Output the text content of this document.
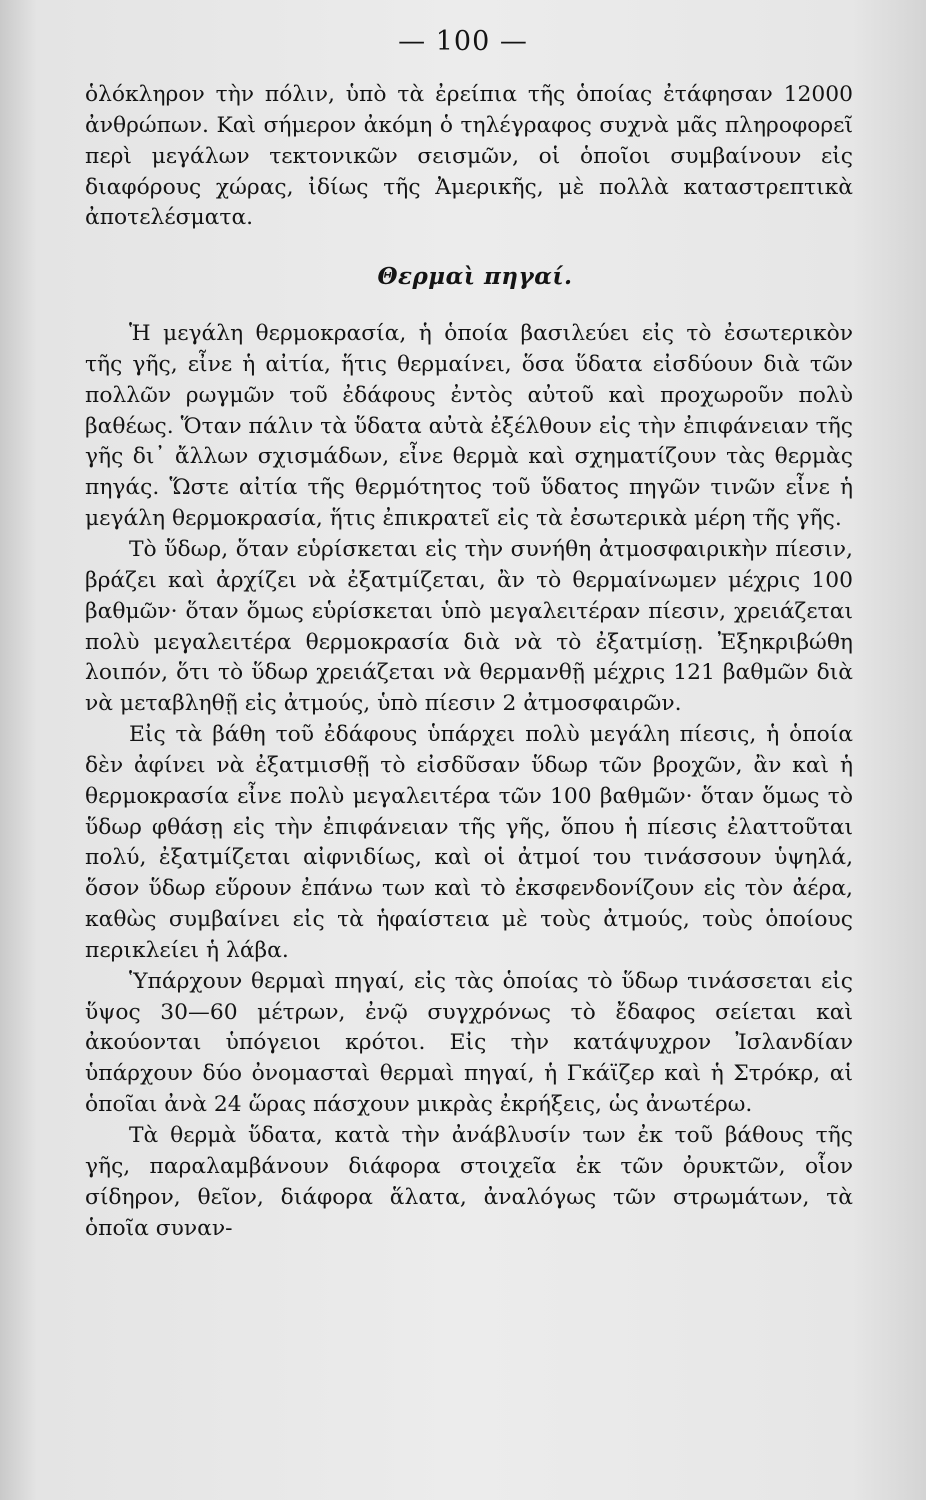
— 100 —

ὁλόκληρον τὴν πόλιν, ὑπὸ τὰ ἐρείπια τῆς ὁποίας ἐτάφησαν 12000 ἀνθρώπων. Καὶ σήμερον ἀκόμη ὁ τηλέγραφος συχνὰ μᾶς πληροφορεῖ περὶ μεγάλων τεκτονικῶν σεισμῶν, οἱ ὁποῖοι συμβαίνουν εἰς διαφόρους χώρας, ἰδίως τῆς Ἀμερικῆς, μὲ πολλὰ καταστρεπτικὰ ἀποτελέσματα.

Θερμαὶ πηγαί.

Ἡ μεγάλη θερμοκρασία, ἡ ὁποία βασιλεύει εἰς τὸ ἐσωτερικὸν τῆς γῆς, εἶνε ἡ αἰτία, ἥτις θερμαίνει, ὅσα ὕδατα εἰσδύουν διὰ τῶν πολλῶν ρωγμῶν τοῦ ἐδάφους ἐντὸς αὐτοῦ καὶ προχωροῦν πολὺ βαθέως. Ὅταν πάλιν τὰ ὕδατα αὐτὰ ἐξέλθουν εἰς τὴν ἐπιφάνειαν τῆς γῆς δι᾽ ἄλλων σχισμάδων, εἶνε θερμὰ καὶ σχηματίζουν τὰς θερμὰς πηγάς. Ὥστε αἰτία τῆς θερμότητος τοῦ ὕδατος πηγῶν τινῶν εἶνε ἡ μεγάλη θερμοκρασία, ἥτις ἐπικρατεῖ εἰς τὰ ἐσωτερικὰ μέρη τῆς γῆς.

Τὸ ὕδωρ, ὅταν εὑρίσκεται εἰς τὴν συνήθη ἀτμοσφαιρικὴν πίεσιν, βράζει καὶ ἀρχίζει νὰ ἐξατμίζεται, ἂν τὸ θερμαίνωμεν μέχρις 100 βαθμῶν· ὅταν ὅμως εὑρίσκεται ὑπὸ μεγαλειτέραν πίεσιν, χρειάζεται πολὺ μεγαλειτέρα θερμοκρασία διὰ νὰ τὸ ἐξατμίσῃ. Ἐξηκριβώθη λοιπόν, ὅτι τὸ ὕδωρ χρειάζεται νὰ θερμανθῇ μέχρις 121 βαθμῶν διὰ νὰ μεταβληθῇ εἰς ἀτμούς, ὑπὸ πίεσιν 2 ἀτμοσφαιρῶν.

Εἰς τὰ βάθη τοῦ ἐδάφους ὑπάρχει πολὺ μεγάλη πίεσις, ἡ ὁποία δὲν ἀφίνει νὰ ἐξατμισθῇ τὸ εἰσδῦσαν ὕδωρ τῶν βροχῶν, ἂν καὶ ἡ θερμοκρασία εἶνε πολὺ μεγαλειτέρα τῶν 100 βαθμῶν· ὅταν ὅμως τὸ ὕδωρ φθάσῃ εἰς τὴν ἐπιφάνειαν τῆς γῆς, ὅπου ἡ πίεσις ἐλαττοῦται πολύ, ἐξατμίζεται αἰφνιδίως, καὶ οἱ ἀτμοί του τινάσσουν ὑψηλά, ὅσον ὕδωρ εὕρουν ἐπάνω των καὶ τὸ ἐκσφενδονίζουν εἰς τὸν ἀέρα, καθὼς συμβαίνει εἰς τὰ ἡφαίστεια μὲ τοὺς ἀτμούς, τοὺς ὁποίους περικλείει ἡ λάβα.

Ὑπάρχουν θερμαὶ πηγαί, εἰς τὰς ὁποίας τὸ ὕδωρ τινάσσεται εἰς ὕψος 30—60 μέτρων, ἐνῷ συγχρόνως τὸ ἔδαφος σείεται καὶ ἀκούονται ὑπόγειοι κρότοι. Εἰς τὴν κατάψυχρον Ἰσλανδίαν ὑπάρχουν δύο ὀνομασταὶ θερμαὶ πηγαί, ἡ Γκάϊζερ καὶ ἡ Στρόκρ, αἱ ὁποῖαι ἀνὰ 24 ὥρας πάσχουν μικρὰς ἐκρήξεις, ὡς ἀνωτέρω.

Τὰ θερμὰ ὕδατα, κατὰ τὴν ἀνάβλυσίν των ἐκ τοῦ βάθους τῆς γῆς, παραλαμβάνουν διάφορα στοιχεῖα ἐκ τῶν ὀρυκτῶν, οἷον σίδηρον, θεῖον, διάφορα ἅλατα, ἀναλόγως τῶν στρωμάτων, τὰ ὁποῖα συναν-
